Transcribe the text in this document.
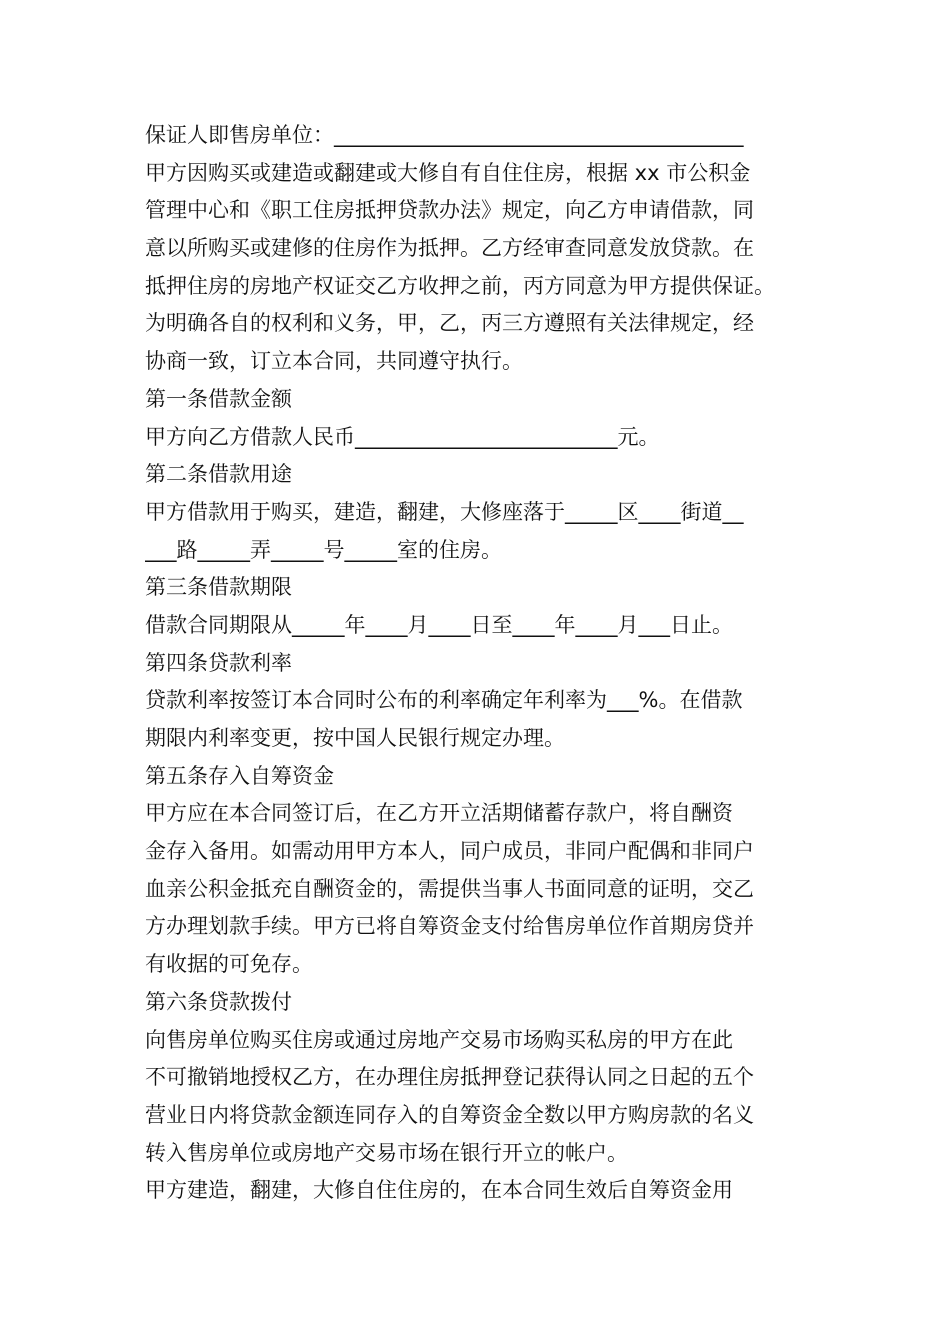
保证人即售房单位：_______________________________________
甲方因购买或建造或翻建或大修自有自住住房，根据 xx 市公积金
管理中心和《职工住房抵押贷款办法》规定，向乙方申请借款，同
意以所购买或建修的住房作为抵押。乙方经审查同意发放贷款。在
抵押住房的房地产权证交乙方收押之前，丙方同意为甲方提供保证。
为明确各自的权利和义务，甲，乙，丙三方遵照有关法律规定，经
协商一致，订立本合同，共同遵守执行。
第一条借款金额
甲方向乙方借款人民币_________________________元。
第二条借款用途
甲方借款用于购买，建造，翻建，大修座落于_____区____街道__
___路_____弄_____号_____室的住房。
第三条借款期限
借款合同期限从_____年____月____日至____年____月___日止。
第四条贷款利率
贷款利率按签订本合同时公布的利率确定年利率为___%。在借款
期限内利率变更，按中国人民银行规定办理。
第五条存入自筹资金
甲方应在本合同签订后，在乙方开立活期储蓄存款户，将自酬资
金存入备用。如需动用甲方本人，同户成员，非同户配偶和非同户
血亲公积金抵充自酬资金的，需提供当事人书面同意的证明，交乙
方办理划款手续。甲方已将自筹资金支付给售房单位作首期房贷并
有收据的可免存。
第六条贷款拨付
向售房单位购买住房或通过房地产交易市场购买私房的甲方在此
不可撤销地授权乙方，在办理住房抵押登记获得认同之日起的五个
营业日内将贷款金额连同存入的自筹资金全数以甲方购房款的名义
转入售房单位或房地产交易市场在银行开立的帐户。
甲方建造，翻建，大修自住住房的，在本合同生效后自筹资金用
